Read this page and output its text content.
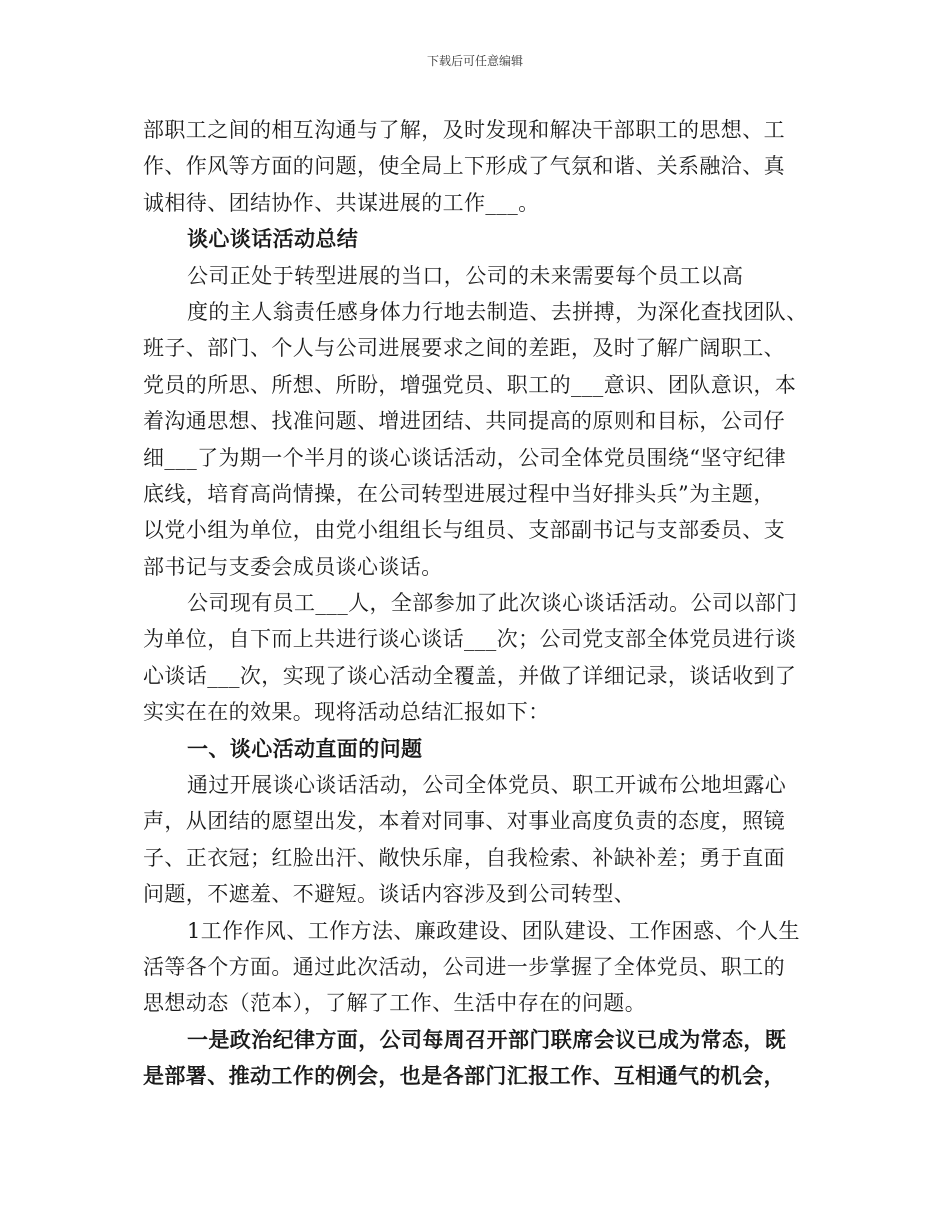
下载后可任意编辑
部职工之间的相互沟通与了解，及时发现和解决干部职工的思想、工
作、作风等方面的问题，使全局上下形成了气氛和谐、关系融洽、真
诚相待、团结协作、共谋进展的工作___。
谈心谈话活动总结
公司正处于转型进展的当口，公司的未来需要每个员工以高
度的主人翁责任感身体力行地去制造、去拼搏，为深化查找团队、
班子、部门、个人与公司进展要求之间的差距，及时了解广阔职工、
党员的所思、所想、所盼，增强党员、职工的___意识、团队意识，本
着沟通思想、找准问题、增进团结、共同提高的原则和目标，公司仔
细___了为期一个半月的谈心谈话活动，公司全体党员围绕“坚守纪律
底线，培育高尚情操，在公司转型进展过程中当好排头兵”为主题，
以党小组为单位，由党小组组长与组员、支部副书记与支部委员、支
部书记与支委会成员谈心谈话。
公司现有员工___人，全部参加了此次谈心谈话活动。公司以部门
为单位，自下而上共进行谈心谈话___次；公司党支部全体党员进行谈
心谈话___次，实现了谈心活动全覆盖，并做了详细记录，谈话收到了
实实在在的效果。现将活动总结汇报如下：
一、谈心活动直面的问题
通过开展谈心谈话活动，公司全体党员、职工开诚布公地坦露心
声，从团结的愿望出发，本着对同事、对事业高度负责的态度，照镜
子、正衣冠；红脸出汗、敞快乐扉，自我检索、补缺补差；勇于直面
问题，不遮羞、不避短。谈话内容涉及到公司转型、
1工作作风、工作方法、廉政建设、团队建设、工作困惑、个人生
活等各个方面。通过此次活动，公司进一步掌握了全体党员、职工的
思想动态（范本），了解了工作、生活中存在的问题。
一是政治纪律方面，公司每周召开部门联席会议已成为常态，既
是部署、推动工作的例会，也是各部门汇报工作、互相通气的机会，
